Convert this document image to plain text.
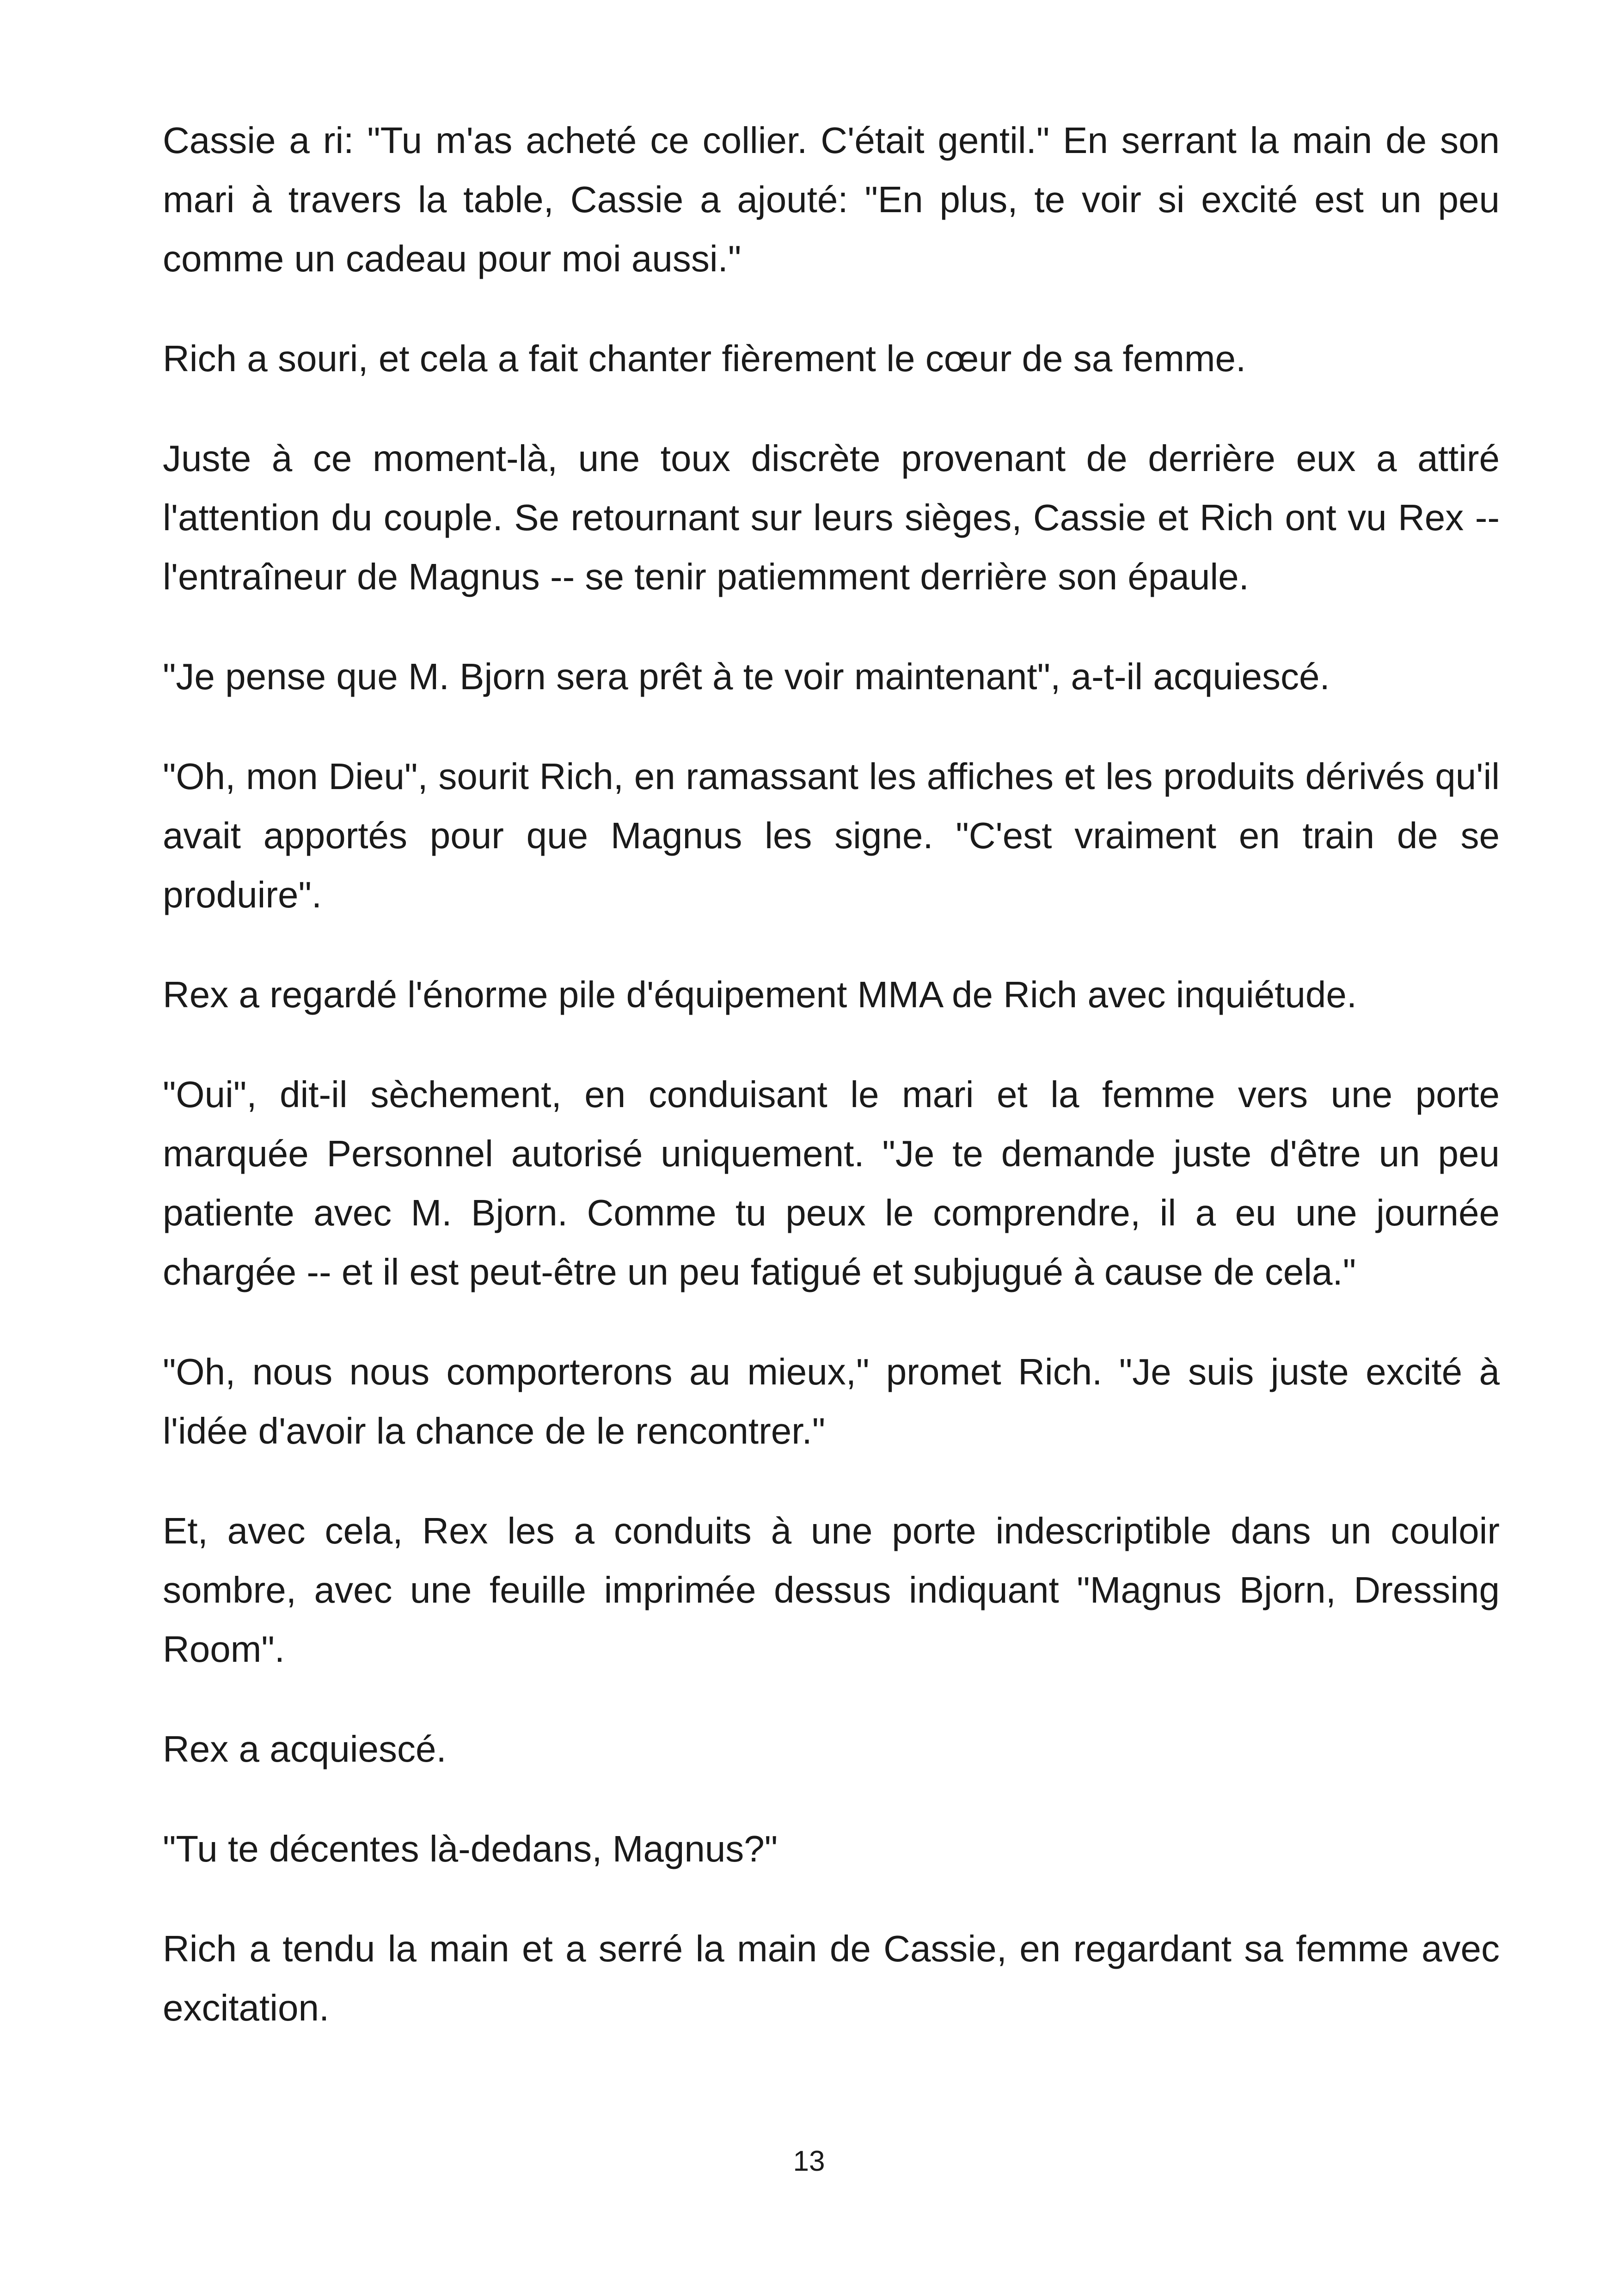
Cassie a ri: "Tu m'as acheté ce collier. C'était gentil." En serrant la main de son mari à travers la table, Cassie a ajouté: "En plus, te voir si excité est un peu comme un cadeau pour moi aussi."

Rich a souri, et cela a fait chanter fièrement le cœur de sa femme.

Juste à ce moment-là, une toux discrète provenant de derrière eux a attiré l'attention du couple. Se retournant sur leurs sièges, Cassie et Rich ont vu Rex -- l'entraîneur de Magnus -- se tenir patiemment derrière son épaule.

"Je pense que M. Bjorn sera prêt à te voir maintenant", a-t-il acquiescé.

"Oh, mon Dieu", sourit Rich, en ramassant les affiches et les produits dérivés qu'il avait apportés pour que Magnus les signe. "C'est vraiment en train de se produire".

Rex a regardé l'énorme pile d'équipement MMA de Rich avec inquiétude.

"Oui", dit-il sèchement, en conduisant le mari et la femme vers une porte marquée Personnel autorisé uniquement. "Je te demande juste d'être un peu patiente avec M. Bjorn. Comme tu peux le comprendre, il a eu une journée chargée -- et il est peut-être un peu fatigué et subjugué à cause de cela."

"Oh, nous nous comporterons au mieux," promet Rich. "Je suis juste excité à l'idée d'avoir la chance de le rencontrer."

Et, avec cela, Rex les a conduits à une porte indescriptible dans un couloir sombre, avec une feuille imprimée dessus indiquant "Magnus Bjorn, Dressing Room".

Rex a acquiescé.

"Tu te décentes là-dedans, Magnus?"

Rich a tendu la main et a serré la main de Cassie, en regardant sa femme avec excitation.

13
